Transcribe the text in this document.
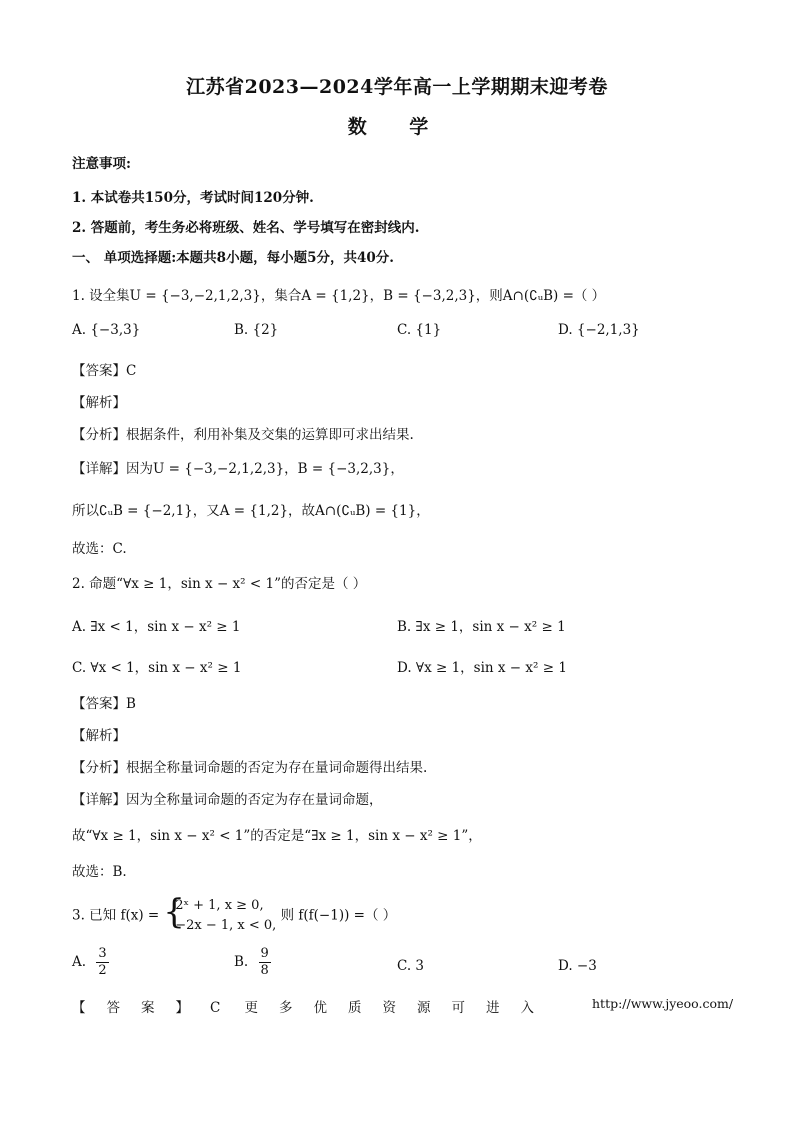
江苏省2023—2024学年高一上学期期末迎考卷
数 学
注意事项:
1. 本试卷共150分，考试时间120分钟.
2. 答题前，考生务必将班级、姓名、学号填写在密封线内.
一、 单项选择题:本题共8小题，每小题5分，共40分.
1. 设全集U = {−3,−2,1,2,3}，集合A = {1,2}，B = {−3,2,3}，则A∩(∁ᵤB) =（ ）
A. {−3,3}	B. {2}	C. {1}	D. {−2,1,3}
【答案】C
【解析】
【分析】根据条件，利用补集及交集的运算即可求出结果.
【详解】因为U = {−3,−2,1,2,3}，B = {−3,2,3}，
所以∁ᵤB = {−2,1}，又A = {1,2}，故A∩(∁ᵤB) = {1}，
故选：C.
2. 命题“∀x ≥ 1，sin x − x² < 1”的否定是（ ）
A. ∃x < 1，sin x − x² ≥ 1	B. ∃x ≥ 1，sin x − x² ≥ 1
C. ∀x < 1，sin x − x² ≥ 1	D. ∀x ≥ 1，sin x − x² ≥ 1
【答案】B
【解析】
【分析】根据全称量词命题的否定为存在量词命题得出结果.
【详解】因为全称量词命题的否定为存在量词命题，
故“∀x ≥ 1，sin x − x² < 1”的否定是“∃x ≥ 1，sin x − x² ≥ 1”，
故选：B.
3. 已知 f(x) = {
2ˣ + 1, x ≥ 0,
−2x − 1, x < 0,
则 f(f(−1)) =（ ）
A. $\frac{3}{2}$	B. $\frac{9}{8}$	C. 3	D. −3
【 答 案 】 C 更 多 优 质 资 源 可 进 入	http://www.jyeoo.com/
